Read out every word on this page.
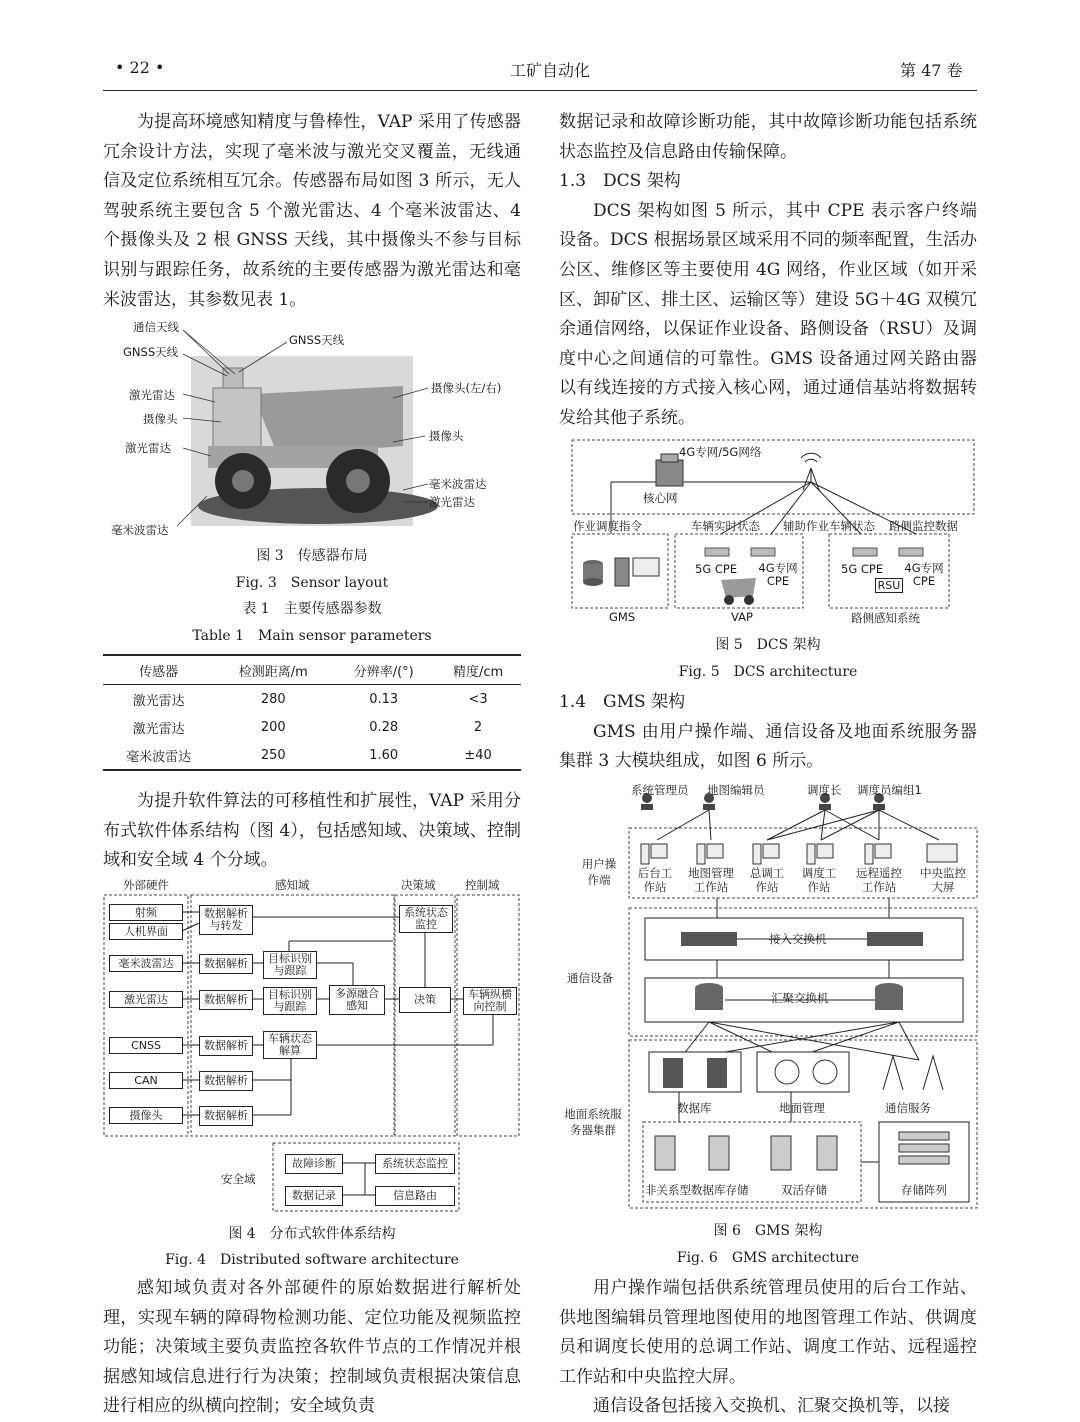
• 22 •	工矿自动化	第 47 卷

为提高环境感知精度与鲁棒性，VAP 采用了传感器冗余设计方法，实现了毫米波与激光交叉覆盖，无线通信及定位系统相互冗余。传感器布局如图 3 所示，无人驾驶系统主要包含 5 个激光雷达、4 个毫米波雷达、4 个摄像头及 2 根 GNSS 天线，其中摄像头不参与目标识别与跟踪任务，故系统的主要传感器为激光雷达和毫米波雷达，其参数见表 1。

通信天线
GNSS天线
GNSS天线
激光雷达
摄像头
激光雷达
摄像头(左/右)
摄像头
毫米波雷达
激光雷达
毫米波雷达
图 3　传感器布局
Fig. 3　Sensor layout
表 1　主要传感器参数
Table 1　Main sensor parameters
传感器	检测距离/m	分辨率/(°)	精度/cm
激光雷达	280	0.13	<3
激光雷达	200	0.28	2
毫米波雷达	250	1.60	±40

为提升软件算法的可移植性和扩展性，VAP 采用分布式软件体系结构（图 4），包括感知域、决策域、控制域和安全域 4 个分域。

外部硬件	感知域	决策域	控制域
射频
人机界面
毫米波雷达
激光雷达
CNSS
CAN
摄像头
数据解析与转发
数据解析
数据解析
数据解析
数据解析
数据解析
目标识别与跟踪
目标识别与跟踪
多源融合感知
车辆状态解算
系统状态监控
决策	车辆纵横向控制
安全域
故障诊断
数据记录
系统状态监控
信息路由
图 4　分布式软件体系结构
Fig. 4　Distributed software architecture

感知域负责对各外部硬件的原始数据进行解析处理，实现车辆的障碍物检测功能、定位功能及视频监控功能；决策域主要负责监控各软件节点的工作情况并根据感知域信息进行行为决策；控制域负责根据决策信息进行相应的纵横向控制；安全域负责

数据记录和故障诊断功能，其中故障诊断功能包括系统状态监控及信息路由传输保障。

1.3　DCS 架构

DCS 架构如图 5 所示，其中 CPE 表示客户终端设备。DCS 根据场景区域采用不同的频率配置，生活办公区、维修区等主要使用 4G 网络，作业区域（如开采区、卸矿区、排土区、运输区等）建设 5G＋4G 双模冗余通信网络，以保证作业设备、路侧设备（RSU）及调度中心之间通信的可靠性。GMS 设备通过网关路由器以有线连接的方式接入核心网，通过通信基站将数据转发给其他子系统。

4G专网/5G网络
核心网
作业调度指令	车辆实时状态 辅助作业车辆状态 路侧监控数据
5G CPE 4G专网 CPE
5G CPE 4G专网 CPE
RSU
GMS	VAP	路侧感知系统
图 5　DCS 架构
Fig. 5　DCS architecture

1.4　GMS 架构

GMS 由用户操作端、通信设备及地面系统服务器集群 3 大模块组成，如图 6 所示。

系统管理员 地图编辑员	调度长 调度员编组1
用户操作端
通信设备
地面系统服务器集群
后台工作站
地图管理工作站
总调工作站
调度工作站
远程遥控工作站
中央监控大屏
接入交换机
汇聚交换机
数据库	地面管理	通信服务
非关系型数据库存储	双活存储	存储阵列
图 6　GMS 架构
Fig. 6　GMS architecture

用户操作端包括供系统管理员使用的后台工作站、供地图编辑员管理地图使用的地图管理工作站、供调度员和调度长使用的总调工作站、调度工作站、远程遥控工作站和中央监控大屏。

通信设备包括接入交换机、汇聚交换机等，以接
